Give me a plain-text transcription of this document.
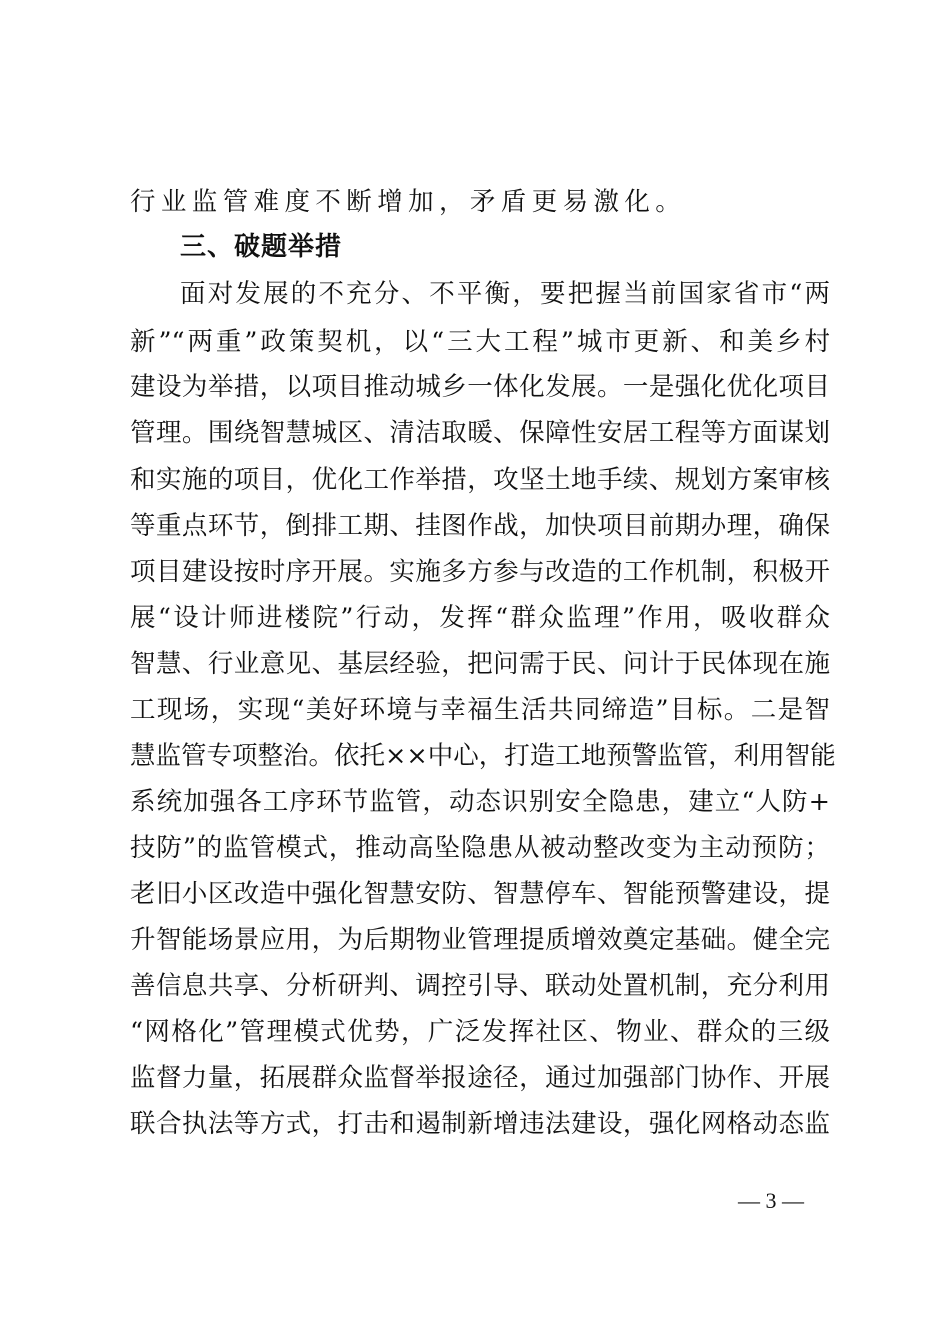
行业监管难度不断增加，矛盾更易激化。
三、破题举措
面对发展的不充分、不平衡，要把握当前国家省市“两
新”“两重”政策契机，以“三大工程”城市更新、和美乡村
建设为举措，以项目推动城乡一体化发展。一是强化优化项目
管理。围绕智慧城区、清洁取暖、保障性安居工程等方面谋划
和实施的项目，优化工作举措，攻坚土地手续、规划方案审核
等重点环节，倒排工期、挂图作战，加快项目前期办理，确保
项目建设按时序开展。实施多方参与改造的工作机制，积极开
展“设计师进楼院”行动，发挥“群众监理”作用，吸收群众
智慧、行业意见、基层经验，把问需于民、问计于民体现在施
工现场，实现“美好环境与幸福生活共同缔造”目标。二是智
慧监管专项整治。依托××中心，打造工地预警监管，利用智能
系统加强各工序环节监管，动态识别安全隐患，建立“人防+
技防”的监管模式，推动高坠隐患从被动整改变为主动预防；
老旧小区改造中强化智慧安防、智慧停车、智能预警建设，提
升智能场景应用，为后期物业管理提质增效奠定基础。健全完
善信息共享、分析研判、调控引导、联动处置机制，充分利用
“网格化”管理模式优势，广泛发挥社区、物业、群众的三级
监督力量，拓展群众监督举报途径，通过加强部门协作、开展
联合执法等方式，打击和遏制新增违法建设，强化网格动态监
— 3 —
